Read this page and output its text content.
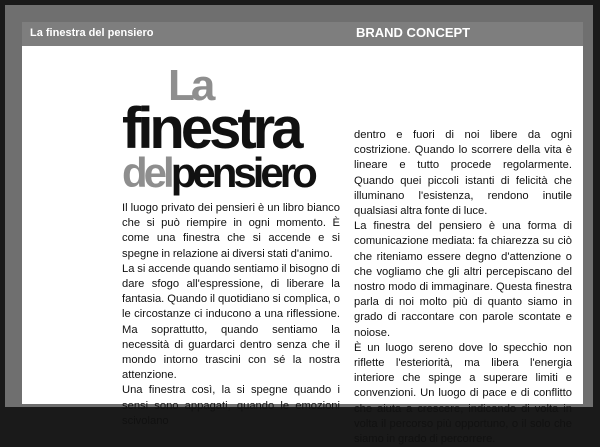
La finestra del pensiero	BRAND CONCEPT
La
finestra
delpensiero

Il luogo privato dei pensieri è un libro bianco che si può riempire in ogni momento. È come una finestra che si accende e si spegne in relazione ai diversi stati d'animo.

La si accende quando sentiamo il bisogno di dare sfogo all'espressione, di liberare la fantasia. Quando il quotidiano si complica, o le circostanze ci inducono a una riflessione. Ma soprattutto, quando sentiamo la necessità di guardarci dentro senza che il mondo intorno trascini con sé la nostra attenzione.

Una finestra così, la si spegne quando i sensi sono appagati, quando le emozioni scivolano

dentro e fuori di noi libere da ogni costrizione. Quando lo scorrere della vita è lineare e tutto procede regolarmente. Quando quei piccoli istanti di felicità che illuminano l'esistenza, rendono inutile qualsiasi altra fonte di luce.

La finestra del pensiero è una forma di comunicazione mediata: fa chiarezza su ciò che riteniamo essere degno d'attenzione o che vogliamo che gli altri percepiscano del nostro modo di immaginare. Questa finestra parla di noi molto più di quanto siamo in grado di raccontare con parole scontate e noiose.

È un luogo sereno dove lo specchio non riflette l'esteriorità, ma libera l'energia interiore che spinge a superare limiti e convenzioni. Un luogo di pace e di conflitto che aiuta a crescere, indicando di volta in volta il percorso più opportuno, o il solo che siamo in grado di percorrere.
